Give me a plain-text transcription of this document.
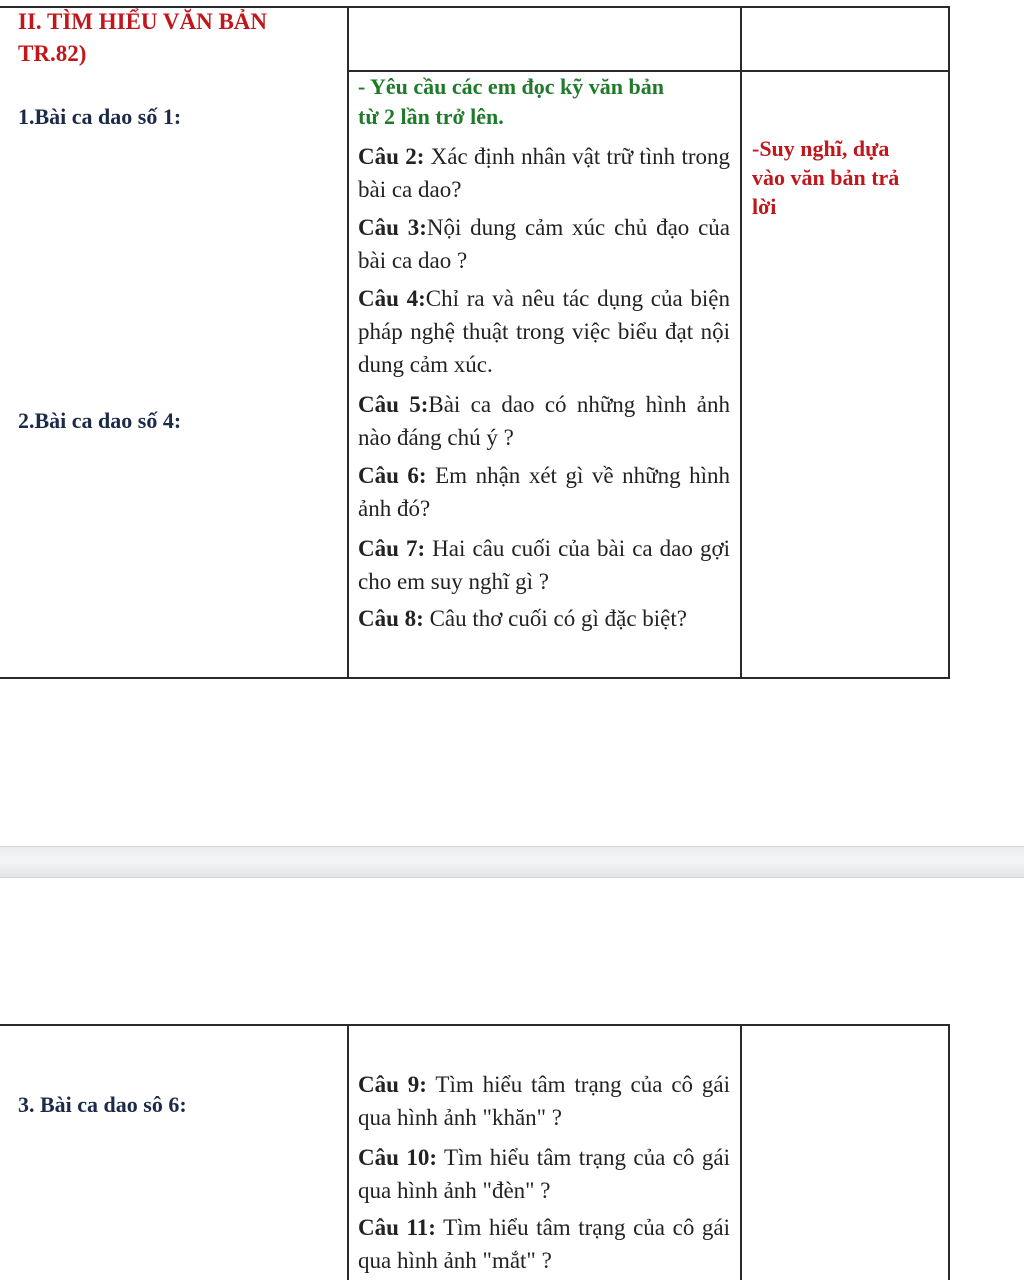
II. TÌM HIỂU VĂN BẢN
TR.82)
1.Bài ca dao số 1:
2.Bài ca dao số 4:
- Yêu cầu các em đọc kỹ văn bản
từ 2 lần trở lên.
-Suy nghĩ, dựa
vào văn bản trả
lời
Câu 2: Xác định nhân vật trữ tình trong bài ca dao?
Câu 3:Nội dung cảm xúc chủ đạo của bài ca dao ?
Câu 4:Chỉ ra và nêu tác dụng của biện pháp nghệ thuật trong việc biểu đạt nội dung cảm xúc.
Câu 5:Bài ca dao có những hình ảnh nào đáng chú ý ?
Câu 6: Em nhận xét gì về những hình ảnh đó?
Câu 7: Hai câu cuối của bài ca dao gợi cho em suy nghĩ gì ?
Câu 8: Câu thơ cuối có gì đặc biệt?
3. Bài ca dao sô 6:
Câu 9: Tìm hiểu tâm trạng của cô gái qua hình ảnh "khăn" ?
Câu 10: Tìm hiểu tâm trạng của cô gái qua hình ảnh "đèn" ?
Câu 11: Tìm hiểu tâm trạng của cô gái qua hình ảnh "mắt" ?
